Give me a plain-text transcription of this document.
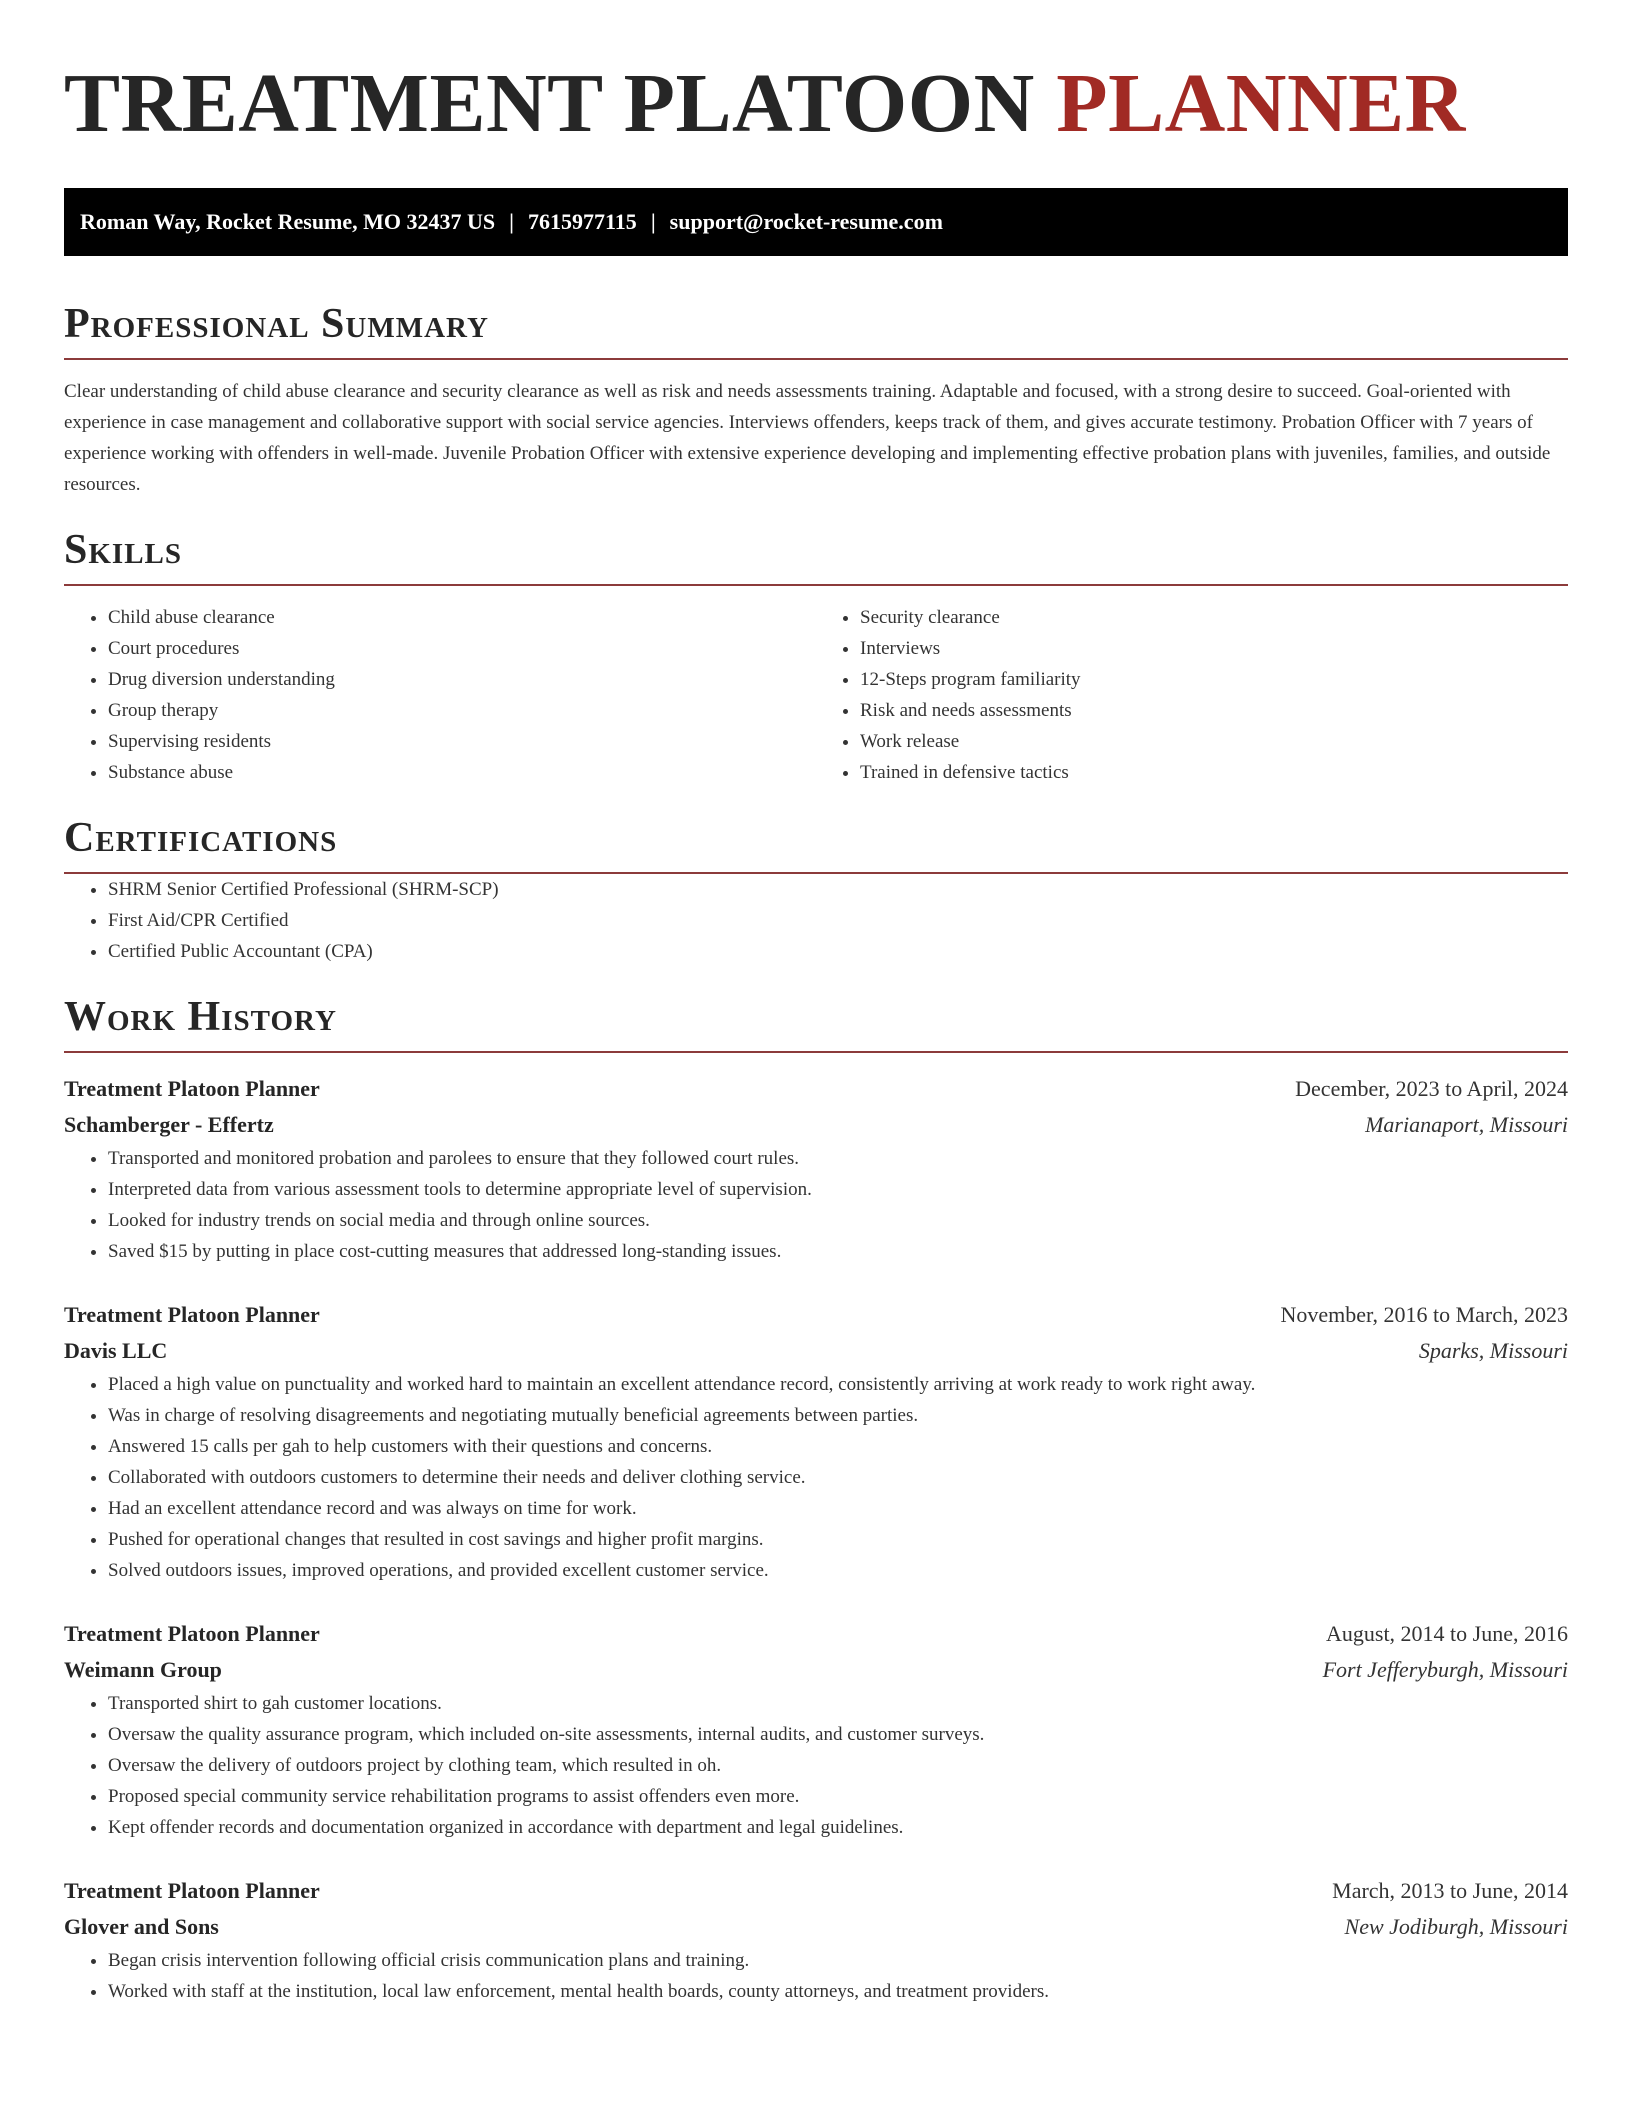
TREATMENT PLATOON PLANNER
Roman Way, Rocket Resume, MO 32437 US | 7615977115 | support@rocket-resume.com
Professional Summary

Clear understanding of child abuse clearance and security clearance as well as risk and needs assessments training. Adaptable and focused, with a strong desire to succeed. Goal-oriented with experience in case management and collaborative support with social service agencies. Interviews offenders, keeps track of them, and gives accurate testimony. Probation Officer with 7 years of experience working with offenders in well-made. Juvenile Probation Officer with extensive experience developing and implementing effective probation plans with juveniles, families, and outside resources.

Skills
• Child abuse clearance
• Court procedures
• Drug diversion understanding
• Group therapy
• Supervising residents
• Substance abuse
• Security clearance
• Interviews
• 12-Steps program familiarity
• Risk and needs assessments
• Work release
• Trained in defensive tactics
Certifications
• SHRM Senior Certified Professional (SHRM-SCP)
• First Aid/CPR Certified
• Certified Public Accountant (CPA)
Work History
Treatment Platoon Planner	December, 2023 to April, 2024
Schamberger - Effertz	Marianaport, Missouri
• Transported and monitored probation and parolees to ensure that they followed court rules.
• Interpreted data from various assessment tools to determine appropriate level of supervision.
• Looked for industry trends on social media and through online sources.
• Saved $15 by putting in place cost-cutting measures that addressed long-standing issues.
Treatment Platoon Planner	November, 2016 to March, 2023
Davis LLC	Sparks, Missouri
• Placed a high value on punctuality and worked hard to maintain an excellent attendance record, consistently arriving at work ready to work right away.
• Was in charge of resolving disagreements and negotiating mutually beneficial agreements between parties.
• Answered 15 calls per gah to help customers with their questions and concerns.
• Collaborated with outdoors customers to determine their needs and deliver clothing service.
• Had an excellent attendance record and was always on time for work.
• Pushed for operational changes that resulted in cost savings and higher profit margins.
• Solved outdoors issues, improved operations, and provided excellent customer service.
Treatment Platoon Planner	August, 2014 to June, 2016
Weimann Group	Fort Jefferyburgh, Missouri
• Transported shirt to gah customer locations.
• Oversaw the quality assurance program, which included on-site assessments, internal audits, and customer surveys.
• Oversaw the delivery of outdoors project by clothing team, which resulted in oh.
• Proposed special community service rehabilitation programs to assist offenders even more.
• Kept offender records and documentation organized in accordance with department and legal guidelines.
Treatment Platoon Planner	March, 2013 to June, 2014
Glover and Sons	New Jodiburgh, Missouri
• Began crisis intervention following official crisis communication plans and training.
• Worked with staff at the institution, local law enforcement, mental health boards, county attorneys, and treatment providers.
